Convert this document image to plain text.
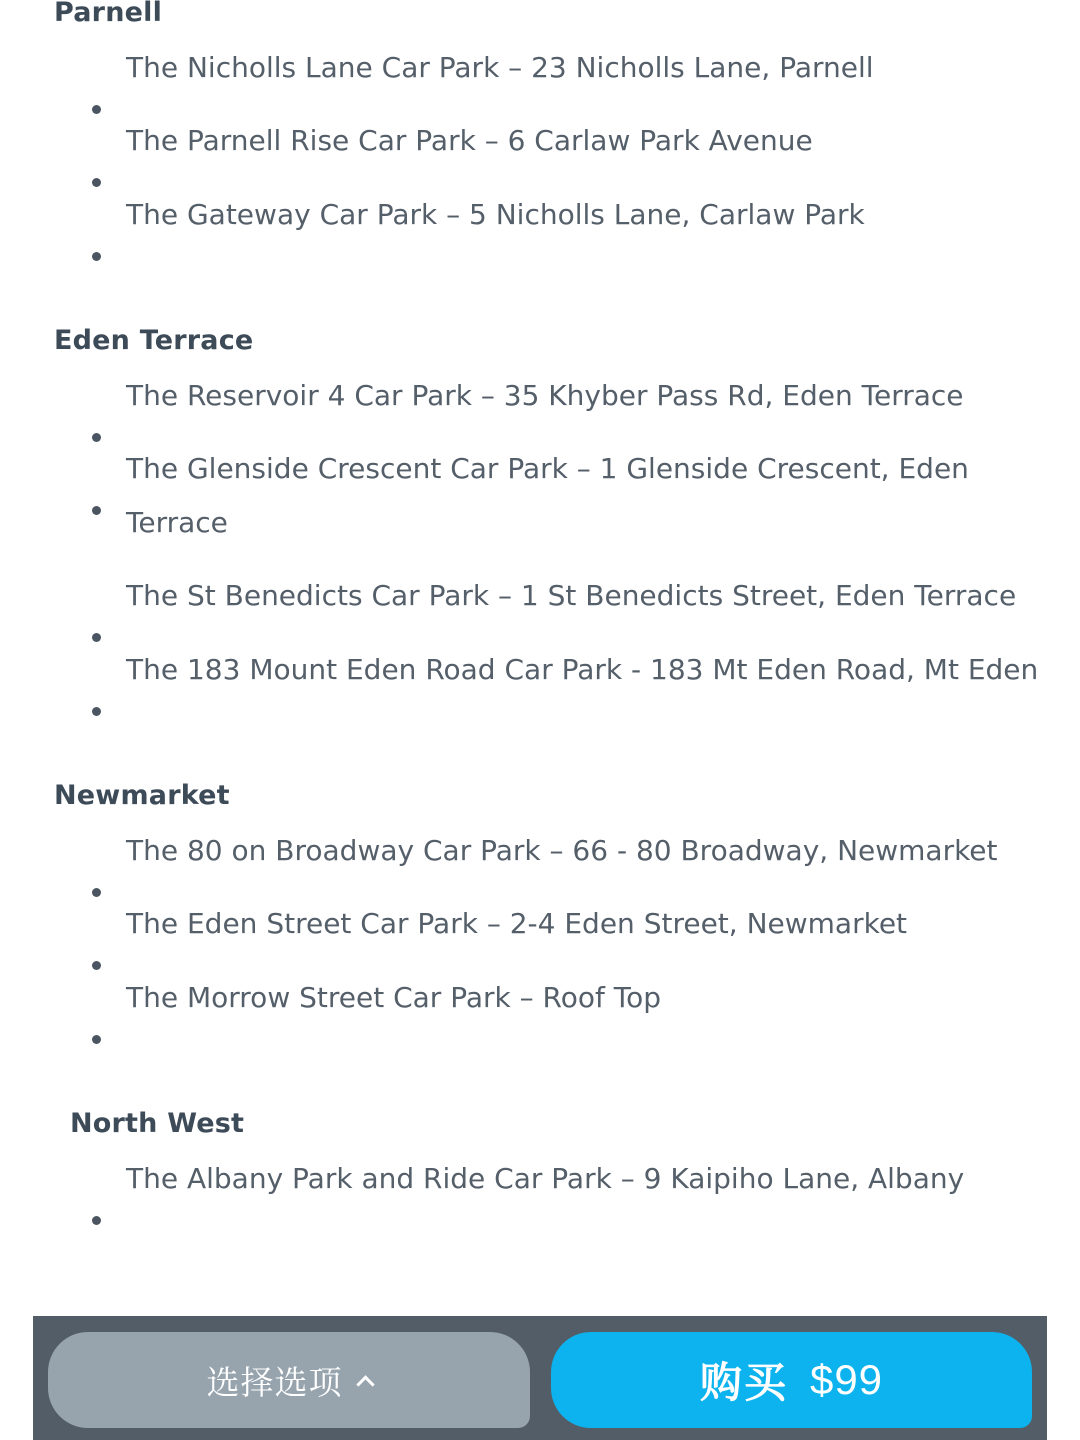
Parnell
The Nicholls Lane Car Park – 23 Nicholls Lane, Parnell
The Parnell Rise Car Park – 6 Carlaw Park Avenue
The Gateway Car Park – 5 Nicholls Lane, Carlaw Park
Eden Terrace
The Reservoir 4 Car Park – 35 Khyber Pass Rd, Eden Terrace
The Glenside Crescent Car Park – 1 Glenside Crescent, Eden
Terrace
The St Benedicts Car Park – 1 St Benedicts Street, Eden Terrace
The 183 Mount Eden Road Car Park - 183 Mt Eden Road, Mt Eden
Newmarket
The 80 on Broadway Car Park – 66 - 80 Broadway, Newmarket
The Eden Street Car Park – 2-4 Eden Street, Newmarket
The Morrow Street Car Park – Roof Top
North West
The Albany Park and Ride Car Park – 9 Kaipiho Lane, Albany
选择选项	购买 $99
